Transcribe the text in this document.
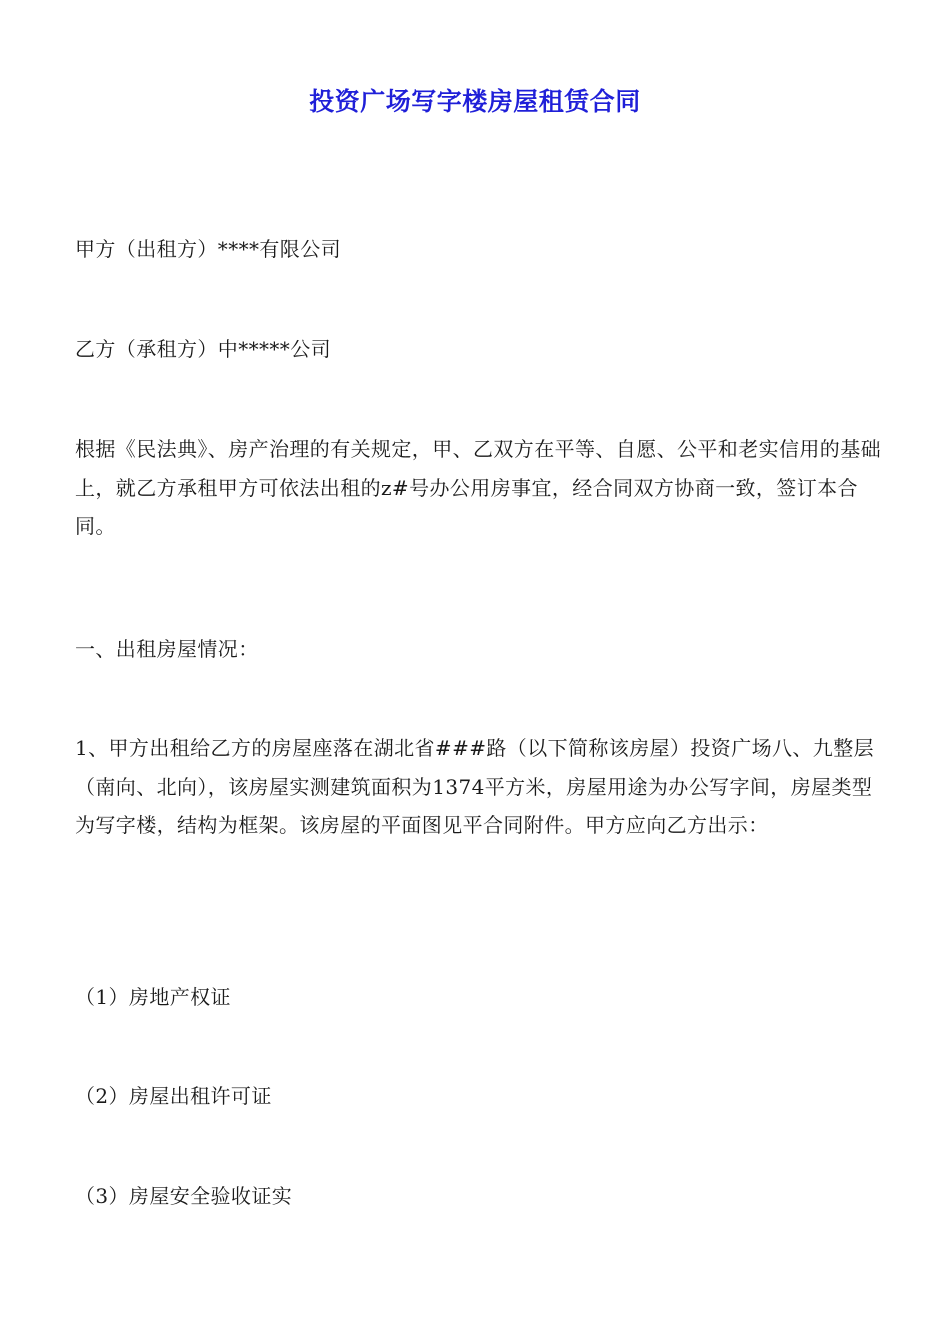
投资广场写字楼房屋租赁合同
甲方（出租方）****有限公司
乙方（承租方）中*****公司
根据《民法典》、房产治理的有关规定，甲、乙双方在平等、自愿、公平和老实信用的基础上，就乙方承租甲方可依法出租的z#号办公用房事宜，经合同双方协商一致，签订本合同。
一、出租房屋情况：
1、甲方出租给乙方的房屋座落在湖北省###路（以下简称该房屋）投资广场八、九整层（南向、北向），该房屋实测建筑面积为1374平方米，房屋用途为办公写字间，房屋类型为写字楼，结构为框架。该房屋的平面图见平合同附件。甲方应向乙方出示：
（1）房地产权证
（2）房屋出租许可证
（3）房屋安全验收证实
